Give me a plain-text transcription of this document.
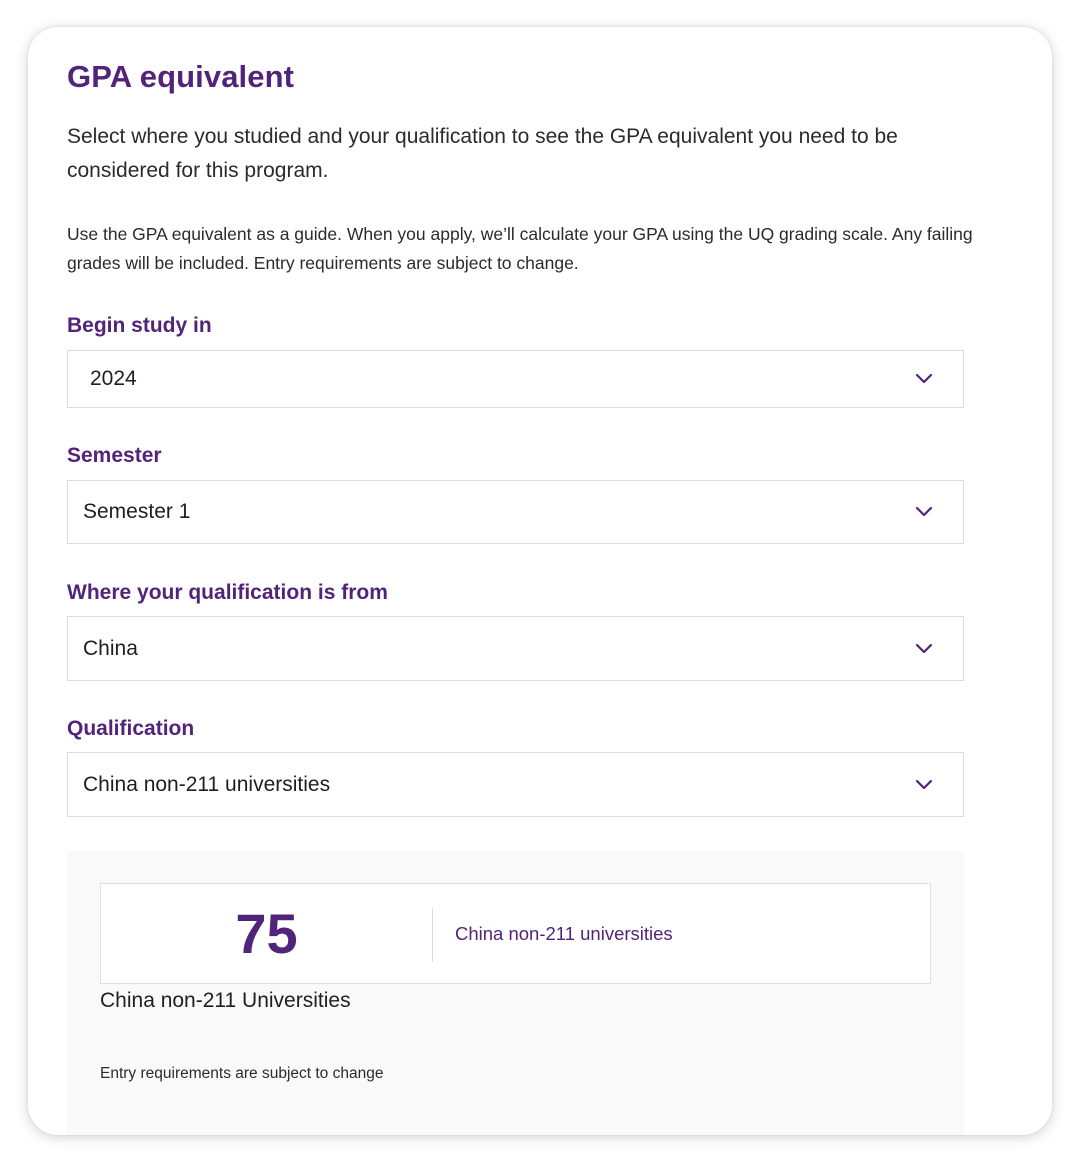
GPA equivalent

Select where you studied and your qualification to see the GPA equivalent you need to be considered for this program.

Use the GPA equivalent as a guide. When you apply, we’ll calculate your GPA using the UQ grading scale. Any failing grades will be included. Entry requirements are subject to change.

Begin study in
2024
Semester
Semester 1
Where your qualification is from
China
Qualification
China non-211 universities
75	China non-211 universities
China non-211 Universities
Entry requirements are subject to change
